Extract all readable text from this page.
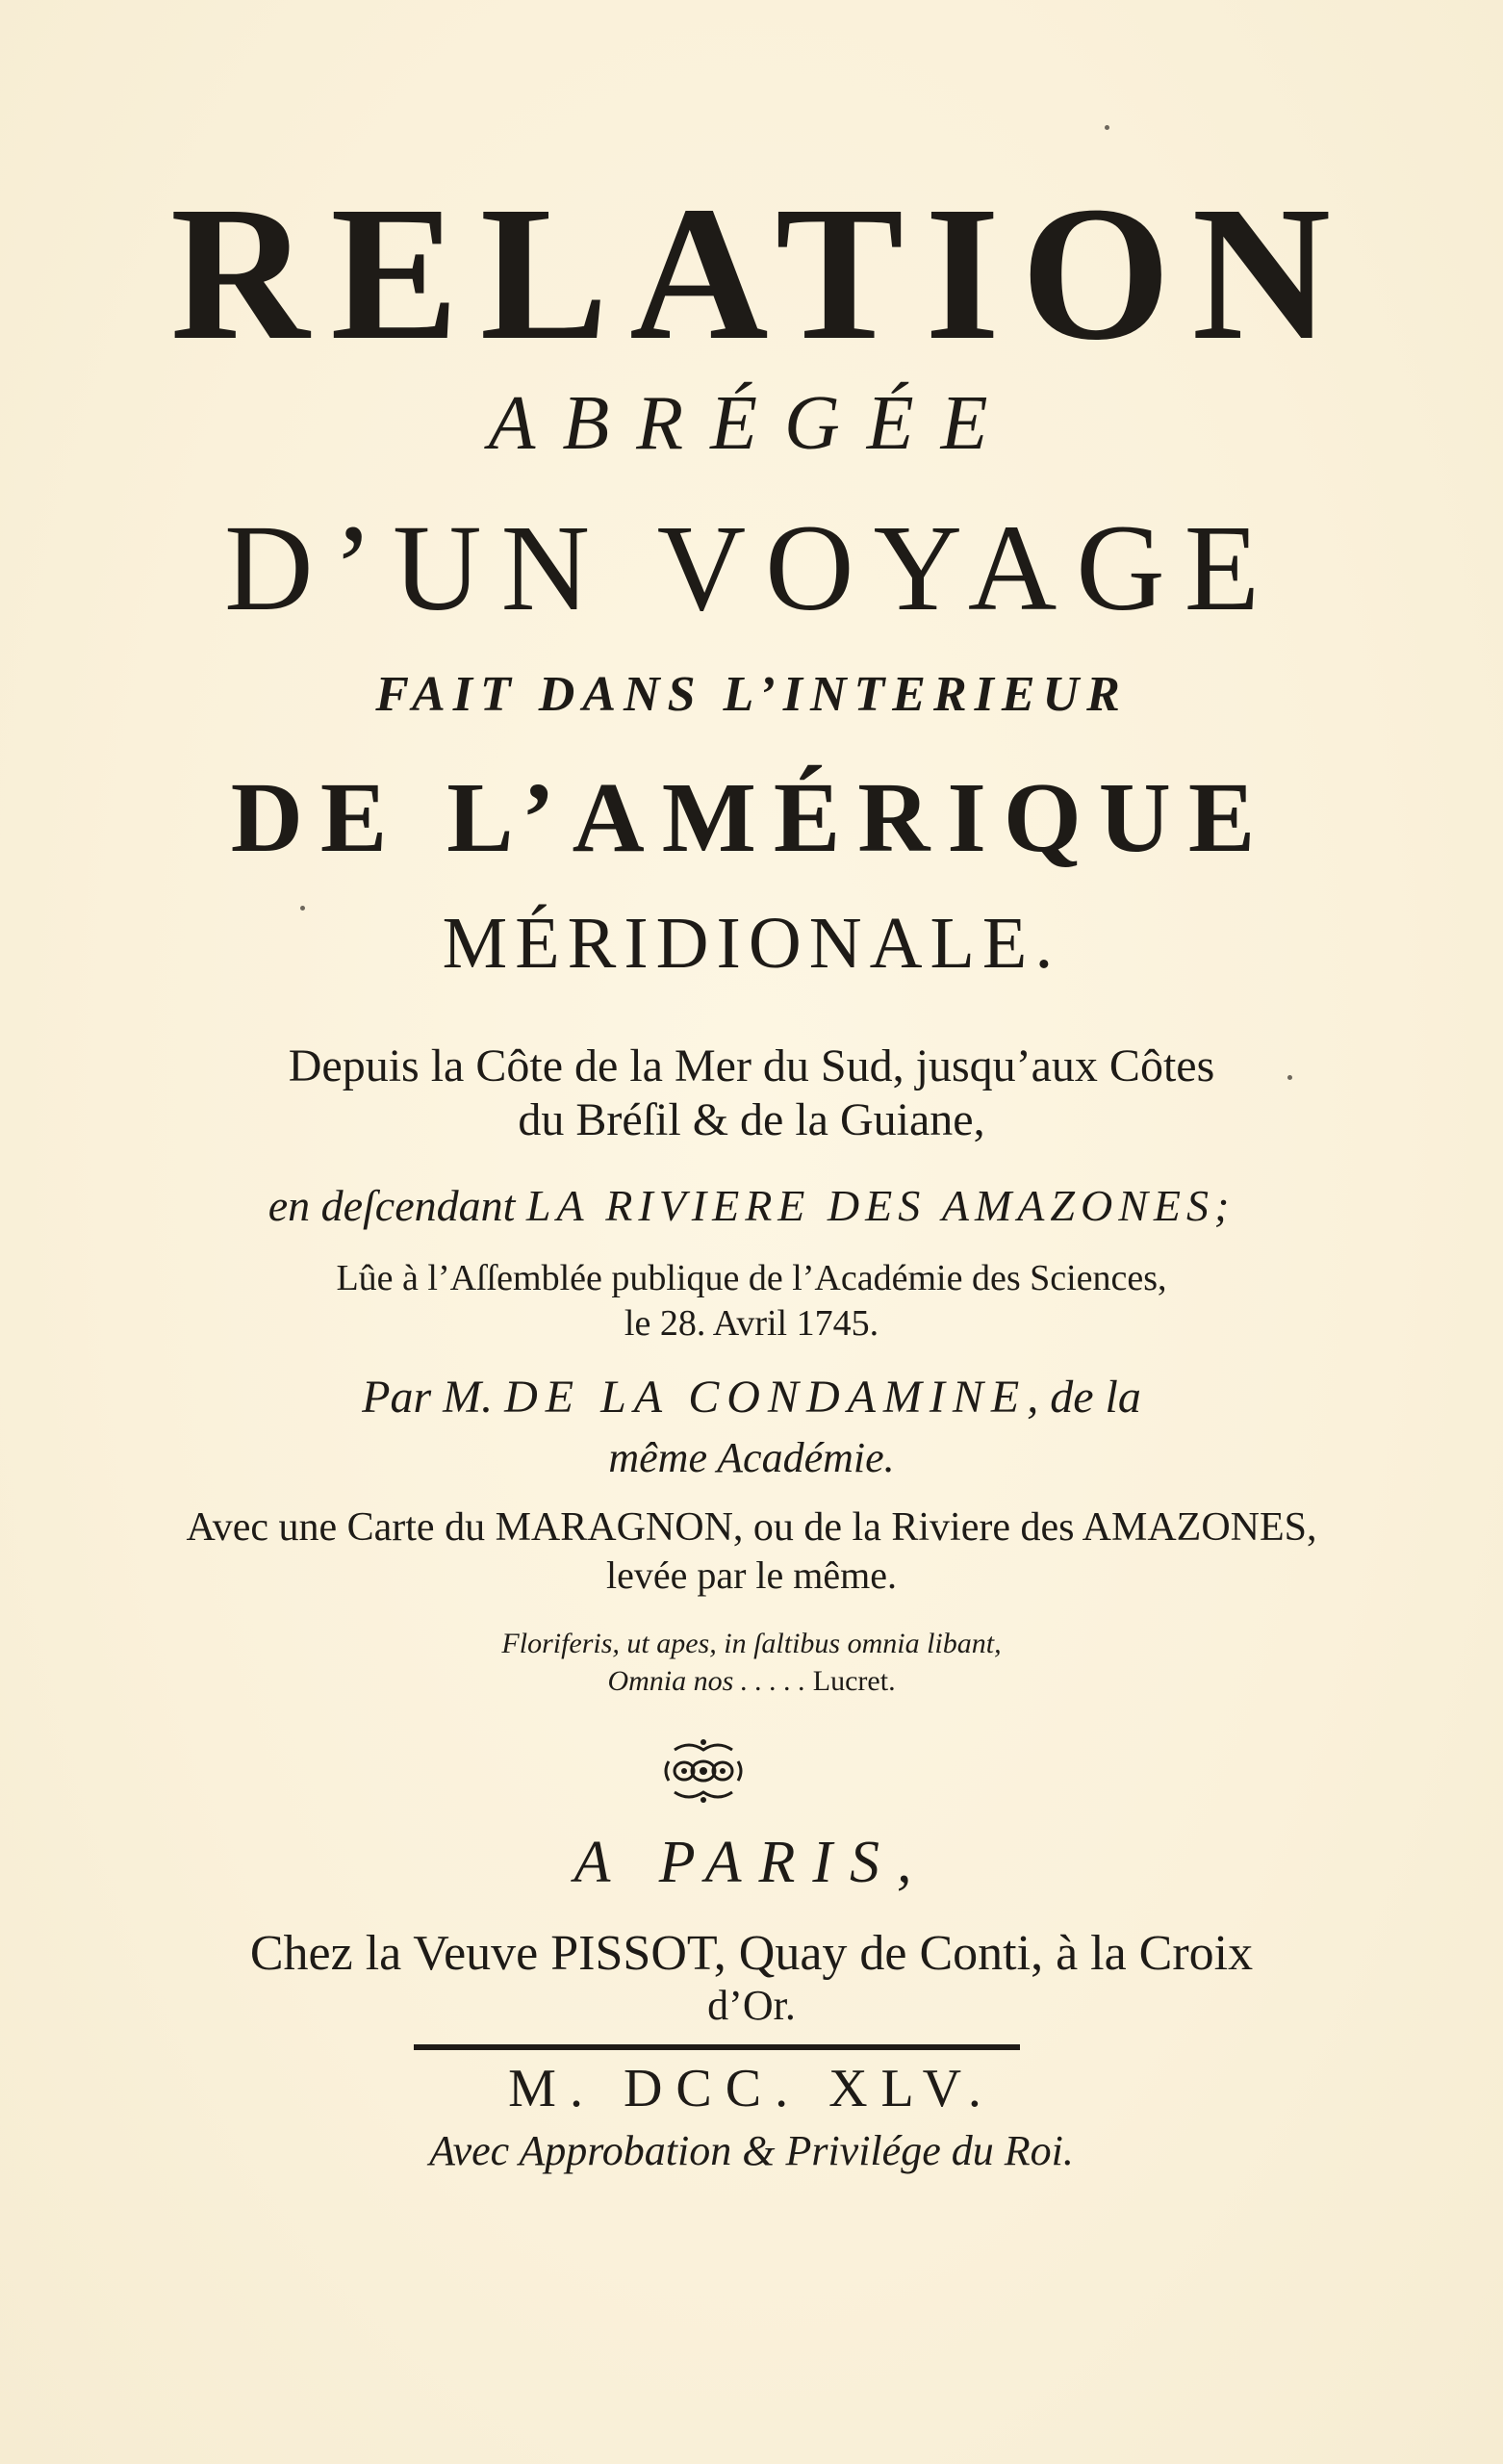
RELATION
ABRÉGÉE
D’UN VOYAGE
FAIT DANS L’INTERIEUR
DE L’AMÉRIQUE
MÉRIDIONALE.
Depuis la Côte de la Mer du Sud, jusqu’aux Côtes
du Bréſil & de la Guiane,
en deſcendant LA RIVIERE DES AMAZONES;
Lûe à l’Aſſemblée publique de l’Académie des Sciences,
le 28. Avril 1745.
Par M. DE LA CONDAMINE, de la
même Académie.
Avec une Carte du MARAGNON, ou de la Riviere des AMAZONES,
levée par le même.
Floriferis, ut apes, in ſaltibus omnia libant,
Omnia nos . . . . . Lucret.
A PARIS,
Chez la Veuve PISSOT, Quay de Conti, à la Croix
d’Or.
M. DCC. XLV.
Avec Approbation & Privilége du Roi.
